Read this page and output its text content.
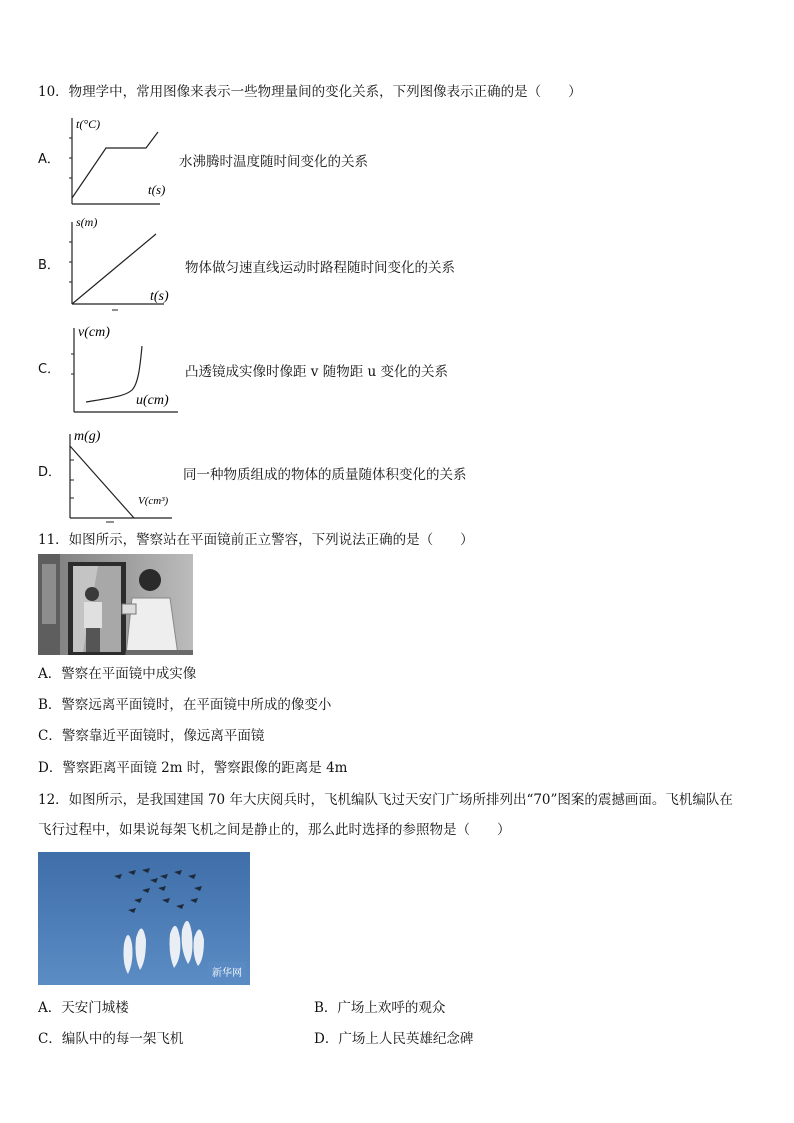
10．物理学中，常用图像来表示一些物理量间的变化关系，下列图像表示正确的是（　　）
A．
t(°C)
t(s)
水沸腾时温度随时间变化的关系
B．
s(m)
t(s)
物体做匀速直线运动时路程随时间变化的关系
C．
v(cm)
u(cm)
凸透镜成实像时像距 v 随物距 u 变化的关系
D．
m(g)
V(cm³)
同一种物质组成的物体的质量随体积变化的关系
11．如图所示，警察站在平面镜前正立警容，下列说法正确的是（　　）
A．警察在平面镜中成实像
B．警察远离平面镜时，在平面镜中所成的像变小
C．警察靠近平面镜时，像远离平面镜
D．警察距离平面镜 2m 时，警察跟像的距离是 4m
12．如图所示，是我国建国 70 年大庆阅兵时，飞机编队飞过天安门广场所排列出“70”图案的震撼画面。飞机编队在
飞行过程中，如果说每架飞机之间是静止的，那么此时选择的参照物是（　　）
新华网
A．天安门城楼	B．广场上欢呼的观众
C．编队中的每一架飞机	D．广场上人民英雄纪念碑
